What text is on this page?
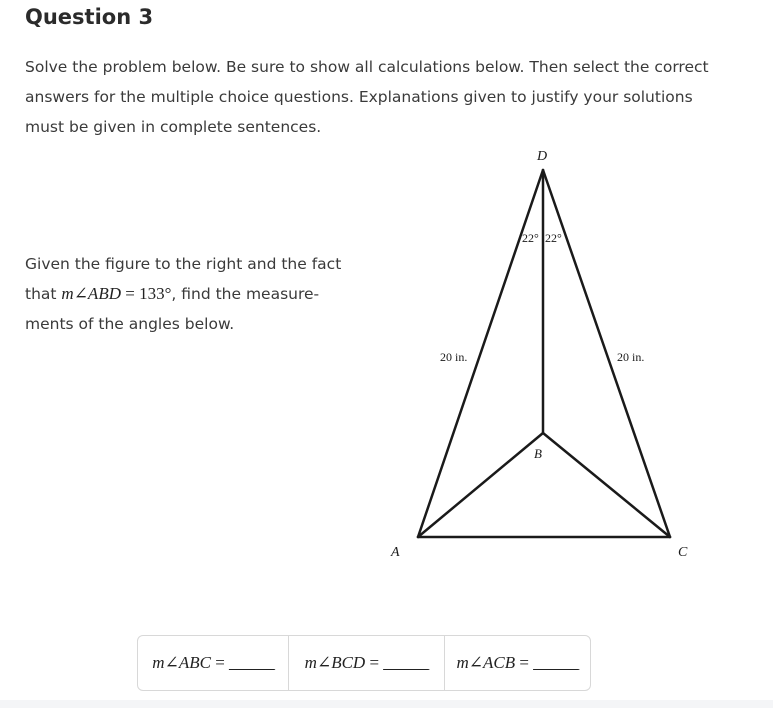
Question 3

Solve the problem below. Be sure to show all calculations below. Then select the correct answers for the multiple choice questions. Explanations given to justify your solutions must be given in complete sentences.

Given the figure to the right and the fact that m∠ABD = 133°, find the measure-ments of the angles below.

D
B
A	C
22° 22°
20 in.	20 in.
m ∠ABC = ______ m ∠BCD = ______ m ∠ACB = ______
